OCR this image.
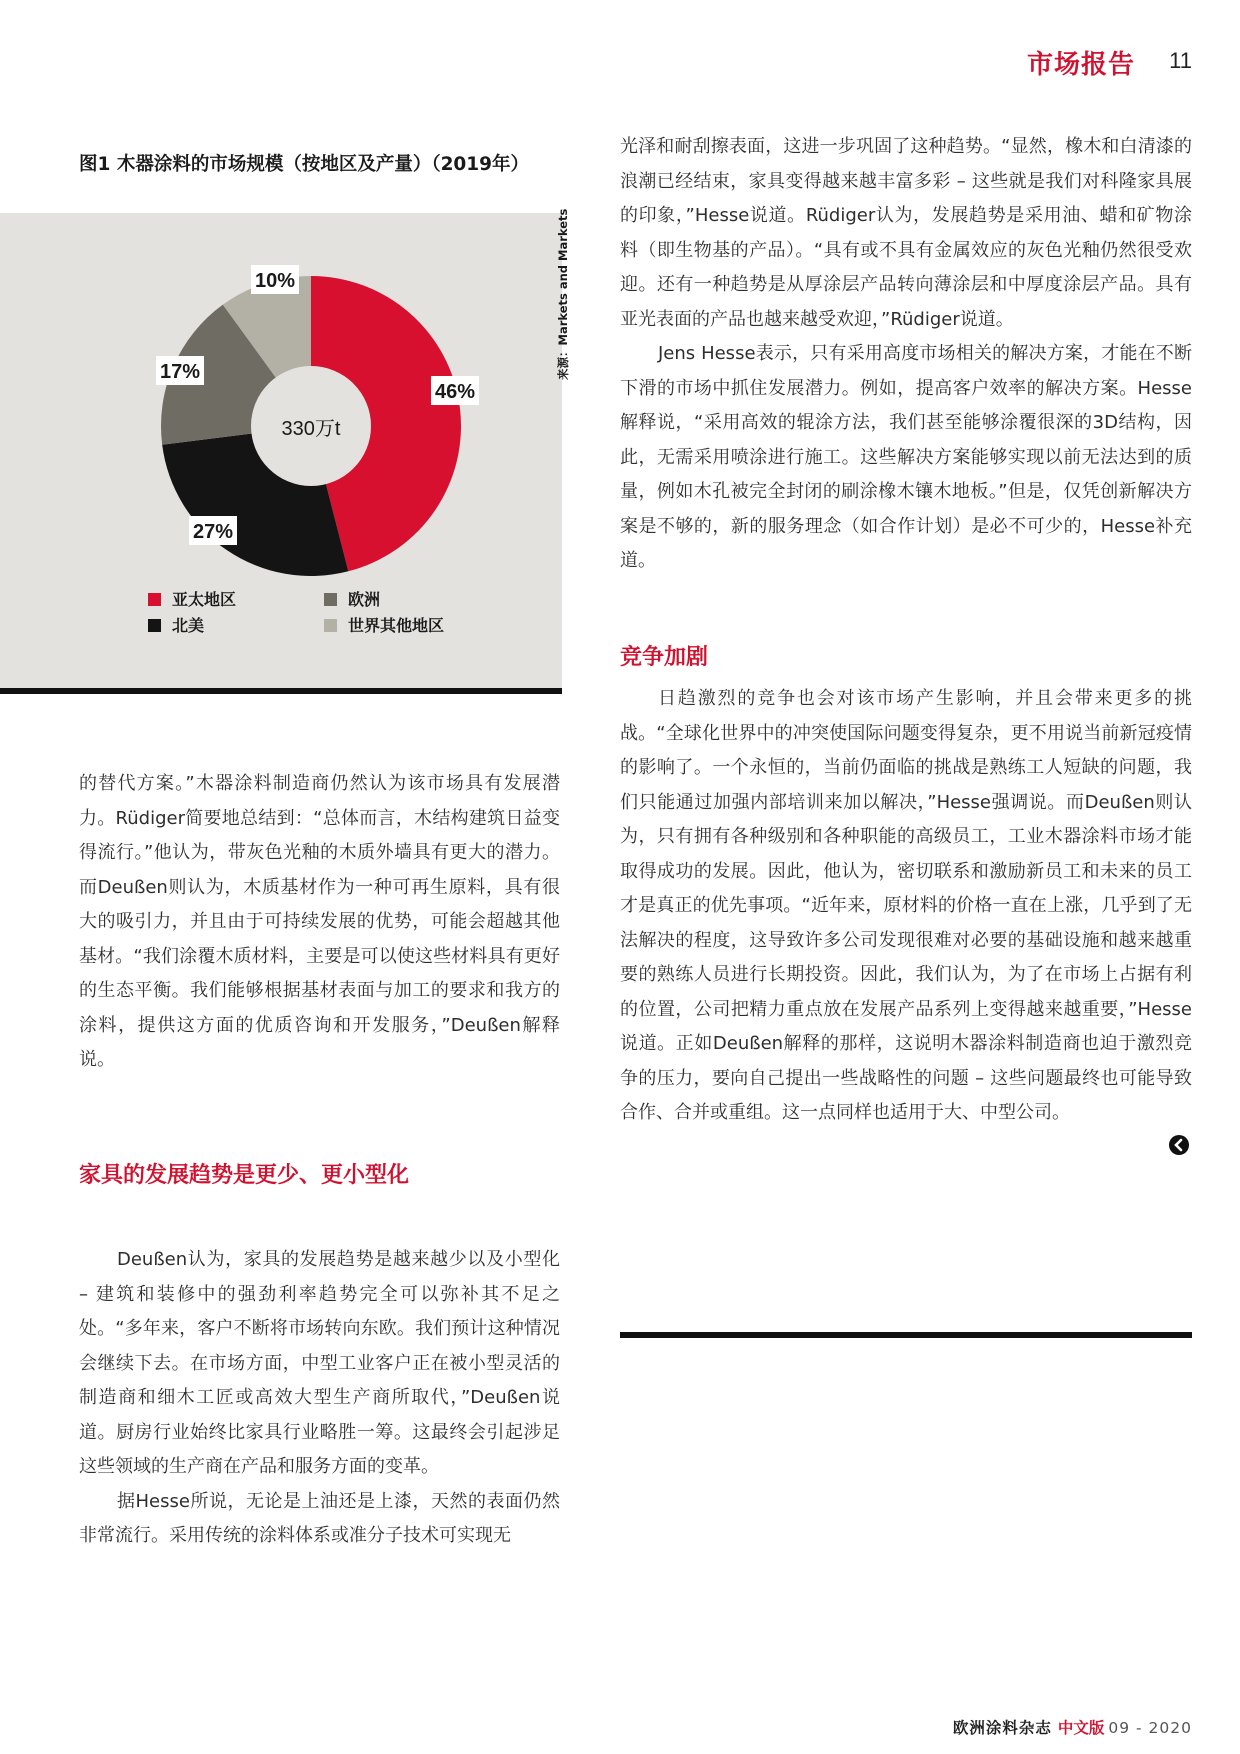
市场报告 11
图1 木器涂料的市场规模（按地区及产量）（2019年）
330万t
46%
27%
17%
10%
亚太地区
北美
欧洲
世界其他地区
来源：Markets and Markets

的替代方案。”木器涂料制造商仍然认为该市场具有发展潜力。Rüdiger简要地总结到：“总体而言，木结构建筑日益变得流行。”他认为，带灰色光釉的木质外墙具有更大的潜力。而Deußen则认为，木质基材作为一种可再生原料，具有很大的吸引力，并且由于可持续发展的优势，可能会超越其他基材。“我们涂覆木质材料，主要是可以使这些材料具有更好的生态平衡。我们能够根据基材表面与加工的要求和我方的涂料，提供这方面的优质咨询和开发服务，”Deußen解释说。

家具的发展趋势是更少、更小型化

Deußen认为，家具的发展趋势是越来越少以及小型化 – 建筑和装修中的强劲利率趋势完全可以弥补其不足之处。“多年来，客户不断将市场转向东欧。我们预计这种情况会继续下去。在市场方面，中型工业客户正在被小型灵活的制造商和细木工匠或高效大型生产商所取代，”Deußen说道。厨房行业始终比家具行业略胜一筹。这最终会引起涉足这些领域的生产商在产品和服务方面的变革。

据Hesse所说，无论是上油还是上漆，天然的表面仍然非常流行。采用传统的涂料体系或准分子技术可实现无

光泽和耐刮擦表面，这进一步巩固了这种趋势。“显然，橡木和白清漆的浪潮已经结束，家具变得越来越丰富多彩 – 这些就是我们对科隆家具展的印象，”Hesse说道。Rüdiger认为，发展趋势是采用油、蜡和矿物涂料（即生物基的产品）。“具有或不具有金属效应的灰色光釉仍然很受欢迎。还有一种趋势是从厚涂层产品转向薄涂层和中厚度涂层产品。具有亚光表面的产品也越来越受欢迎，”Rüdiger说道。

Jens Hesse表示，只有采用高度市场相关的解决方案，才能在不断下滑的市场中抓住发展潜力。例如，提高客户效率的解决方案。Hesse解释说，“采用高效的辊涂方法，我们甚至能够涂覆很深的3D结构，因此，无需采用喷涂进行施工。这些解决方案能够实现以前无法达到的质量，例如木孔被完全封闭的刷涂橡木镶木地板。”但是，仅凭创新解决方案是不够的，新的服务理念（如合作计划）是必不可少的，Hesse补充道。

竞争加剧

日趋激烈的竞争也会对该市场产生影响，并且会带来更多的挑战。“全球化世界中的冲突使国际问题变得复杂，更不用说当前新冠疫情的影响了。一个永恒的，当前仍面临的挑战是熟练工人短缺的问题，我们只能通过加强内部培训来加以解决，”Hesse强调说。而Deußen则认为，只有拥有各种级别和各种职能的高级员工，工业木器涂料市场才能取得成功的发展。因此，他认为，密切联系和激励新员工和未来的员工才是真正的优先事项。“近年来，原材料的价格一直在上涨，几乎到了无法解决的程度，这导致许多公司发现很难对必要的基础设施和越来越重要的熟练人员进行长期投资。因此，我们认为，为了在市场上占据有利的位置，公司把精力重点放在发展产品系列上变得越来越重要，”Hesse说道。正如Deußen解释的那样，这说明木器涂料制造商也迫于激烈竞争的压力，要向自己提出一些战略性的问题 – 这些问题最终也可能导致合作、合并或重组。这一点同样也适用于大、中型公司。

欧洲涂料杂志 中文版 09 - 2020
